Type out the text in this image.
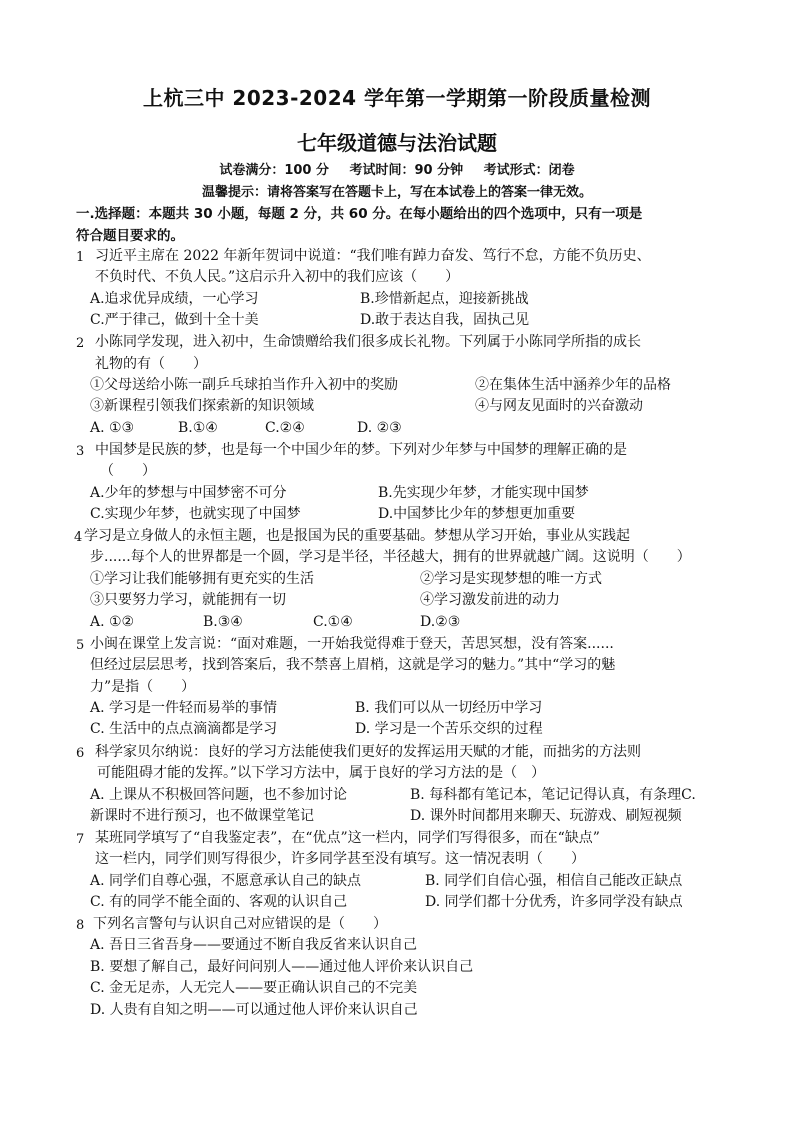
上杭三中 2023-2024 学年第一学期第一阶段质量检测
七年级道德与法治试题
试卷满分：100 分 考试时间：90 分钟 考试形式：闭卷
温馨提示：请将答案写在答题卡上，写在本试卷上的答案一律无效。
一.选择题：本题共 30 小题，每题 2 分，共 60 分。在每小题给出的四个选项中，只有一项是
符合题目要求的。
1 习近平主席在 2022 年新年贺词中说道：“我们唯有踔力奋发、笃行不怠，方能不负历史、
不负时代、不负人民。”这启示升入初中的我们应该（　　）
A.追求优异成绩，一心学习	B.珍惜新起点，迎接新挑战
C.严于律己，做到十全十美	D.敢于表达自我，固执己见
2 小陈同学发现，进入初中，生命馈赠给我们很多成长礼物。下列属于小陈同学所指的成长
礼物的有（　　）
①父母送给小陈一副乒乓球拍当作升入初中的奖励	②在集体生活中涵养少年的品格
③新课程引领我们探索新的知识领域	④与网友见面时的兴奋激动
A. ①③	B.①④	C.②④	D. ②③
3 中国梦是民族的梦，也是每一个中国少年的梦。下列对少年梦与中国梦的理解正确的是
（　　）
A.少年的梦想与中国梦密不可分	B.先实现少年梦，才能实现中国梦
C.实现少年梦，也就实现了中国梦	D.中国梦比少年的梦想更加重要
4 学习是立身做人的永恒主题，也是报国为民的重要基础。梦想从学习开始，事业从实践起
步......每个人的世界都是一个圆，学习是半径，半径越大，拥有的世界就越广阔。这说明（　　）
①学习让我们能够拥有更充实的生活	②学习是实现梦想的唯一方式
③只要努力学习，就能拥有一切	④学习激发前进的动力
A. ①②	B.③④	C.①④	D.②③
5 小闽在课堂上发言说：“面对难题，一开始我觉得难于登天，苦思冥想，没有答案......
但经过层层思考，找到答案后，我不禁喜上眉梢，这就是学习的魅力。”其中“学习的魅
力”是指（　　）
A. 学习是一件轻而易举的事情	B. 我们可以从一切经历中学习
C. 生活中的点点滴滴都是学习	D. 学习是一个苦乐交织的过程
6 科学家贝尔纳说：良好的学习方法能使我们更好的发挥运用天赋的才能，而拙劣的方法则
可能阻碍才能的发挥。”以下学习方法中，属于良好的学习方法的是（　）
A. 上课从不积极回答问题，也不参加讨论	B. 每科都有笔记本，笔记记得认真，有条理C.
新课时不进行预习，也不做课堂笔记	D. 课外时间都用来聊天、玩游戏、刷短视频
7 某班同学填写了“自我鉴定表”，在“优点”这一栏内，同学们写得很多，而在“缺点”
这一栏内，同学们则写得很少，许多同学甚至没有填写。这一情况表明（　　）
A. 同学们自尊心强，不愿意承认自己的缺点	B. 同学们自信心强，相信自己能改正缺点
C. 有的同学不能全面的、客观的认识自己	D. 同学们都十分优秀，许多同学没有缺点
8 下列名言警句与认识自己对应错误的是（　　）
A. 吾日三省吾身——要通过不断自我反省来认识自己
B. 要想了解自己，最好问问别人——通过他人评价来认识自己
C. 金无足赤，人无完人——要正确认识自己的不完美
D. 人贵有自知之明——可以通过他人评价来认识自己
